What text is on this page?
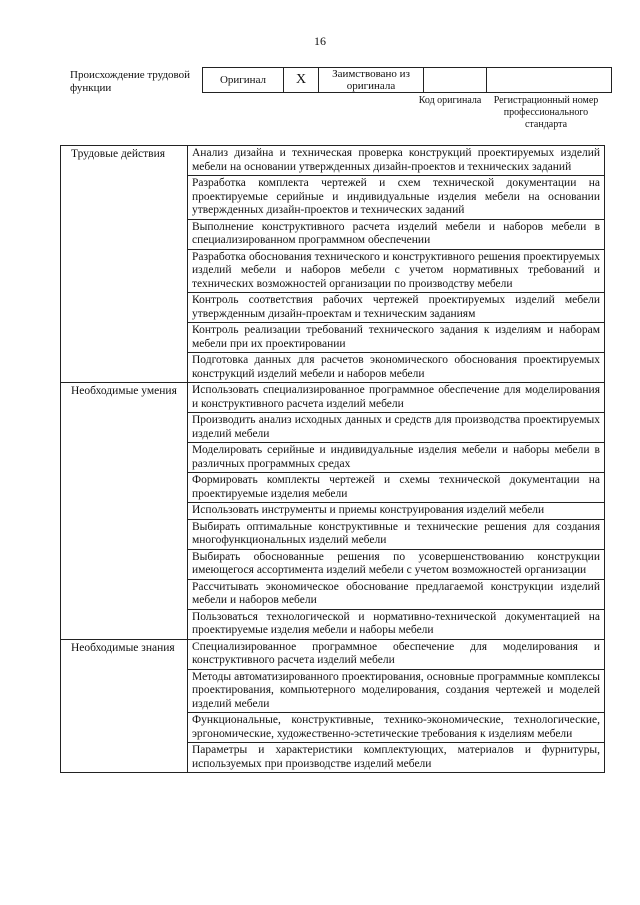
16
Происхождение трудовой функции
Оригинал	X	Заимствовано из оригинала		
Код оригинала	Регистрационный номер профессионального стандарта
Трудовые действия	Анализ дизайна и техническая проверка конструкций проектируемых изделий мебели на основании утвержденных дизайн-проектов и технических заданий
	Разработка комплекта чертежей и схем технической документации на проектируемые серийные и индивидуальные изделия мебели на основании утвержденных дизайн-проектов и технических заданий
	Выполнение конструктивного расчета изделий мебели и наборов мебели в специализированном программном обеспечении
	Разработка обоснования технического и конструктивного решения проектируемых изделий мебели и наборов мебели с учетом нормативных требований и технических возможностей организации по производству мебели
	Контроль соответствия рабочих чертежей проектируемых изделий мебели утвержденным дизайн-проектам и техническим заданиям
	Контроль реализации требований технического задания к изделиям и наборам мебели при их проектировании
	Подготовка данных для расчетов экономического обоснования проектируемых конструкций изделий мебели и наборов мебели
Необходимые умения	Использовать специализированное программное обеспечение для моделирования и конструктивного расчета изделий мебели
	Производить анализ исходных данных и средств для производства проектируемых изделий мебели
	Моделировать серийные и индивидуальные изделия мебели и наборы мебели в различных программных средах
	Формировать комплекты чертежей и схемы технической документации на проектируемые изделия мебели
	Использовать инструменты и приемы конструирования изделий мебели
	Выбирать оптимальные конструктивные и технические решения для создания многофункциональных изделий мебели
	Выбирать обоснованные решения по усовершенствованию конструкции имеющегося ассортимента изделий мебели с учетом возможностей организации
	Рассчитывать экономическое обоснование предлагаемой конструкции изделий мебели и наборов мебели
	Пользоваться технологической и нормативно-технической документацией на проектируемые изделия мебели и наборы мебели
Необходимые знания	Специализированное программное обеспечение для моделирования и конструктивного расчета изделий мебели
	Методы автоматизированного проектирования, основные программные комплексы проектирования, компьютерного моделирования, создания чертежей и моделей изделий мебели
	Функциональные, конструктивные, технико-экономические, технологические, эргономические, художественно-эстетические требования к изделиям мебели
	Параметры и характеристики комплектующих, материалов и фурнитуры, используемых при производстве изделий мебели
